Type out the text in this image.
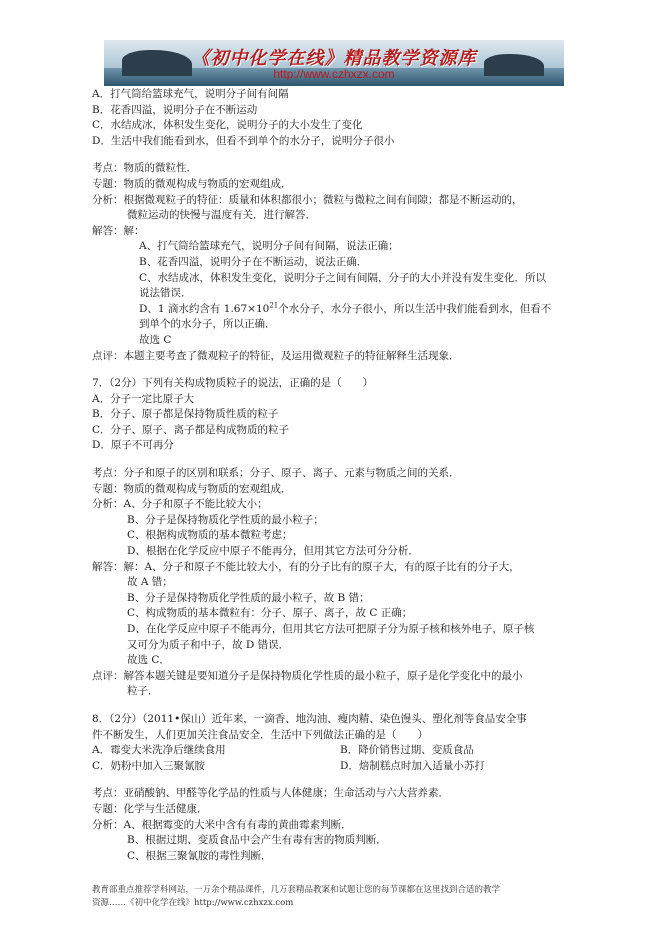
《初中化学在线》精品教学资源库
http://www.czhxzx.com
A．打气筒给篮球充气，说明分子间有间隔
B．花香四溢，说明分子在不断运动
C．水结成冰，体积发生变化，说明分子的大小发生了变化
D．生活中我们能看到水，但看不到单个的水分子，说明分子很小
考点：物质的微粒性．
专题：物质的微观构成与物质的宏观组成．
分析：根据微观粒子的特征：质量和体积都很小；微粒与微粒之间有间隙；都是不断运动的，
微粒运动的快慢与温度有关．进行解答．
解答：解：
A、打气筒给篮球充气，说明分子间有间隔，说法正确；
B、花香四溢，说明分子在不断运动，说法正确．
C、水结成冰，体积发生变化，说明分子之间有间隔，分子的大小并没有发生变化．所以
说法错误．
D、1 滴水约含有 $1.67\times 10^{21}$个水分子，水分子很小，所以生活中我们能看到水，但看不
到单个的水分子，所以正确．
故选 C
点评：本题主要考查了微观粒子的特征，及运用微观粒子的特征解释生活现象．
7．（2分）下列有关构成物质粒子的说法，正确的是（　　）
A．分子一定比原子大
B．分子、原子都是保持物质性质的粒子
C．分子、原子、离子都是构成物质的粒子
D．原子不可再分
考点：分子和原子的区别和联系；分子、原子、离子、元素与物质之间的关系．
专题：物质的微观构成与物质的宏观组成．
分析：A、分子和原子不能比较大小；
B、分子是保持物质化学性质的最小粒子；
C、根据构成物质的基本微粒考虑；
D、根据在化学反应中原子不能再分，但用其它方法可分分析．
解答：解：A、分子和原子不能比较大小，有的分子比有的原子大，有的原子比有的分子大，
故 A 错；
B、分子是保持物质化学性质的最小粒子，故 B 错；
C、构成物质的基本微粒有：分子、原子、离子，故 C 正确；
D、在化学反应中原子不能再分，但用其它方法可把原子分为原子核和核外电子，原子核
又可分为质子和中子，故 D 错误．
故选 C．
点评：解答本题关键是要知道分子是保持物质化学性质的最小粒子，原子是化学变化中的最小
粒子．
8．（2分）（2011•保山）近年来，一滴香、地沟油、瘦肉精、染色馒头、塑化剂等食品安全事
件不断发生，人们更加关注食品安全．生活中下列做法正确的是（　　）
A．霉变大米洗净后继续食用	B．降价销售过期、变质食品
C．奶粉中加入三聚氰胺	D．焙制糕点时加入适量小苏打
考点：亚硝酸钠、甲醛等化学品的性质与人体健康；生命活动与六大营养素．
专题：化学与生活健康．
分析：A、根据霉变的大米中含有有毒的黄曲霉素判断．
B、根据过期、变质食品中会产生有毒有害的物质判断．
C、根据三聚氰胺的毒性判断．
教育部重点推荐学科网站，一万余个精品课件，几万套精品教案和试题让您的每节课都在这里找到合适的教学
资源……《初中化学在线》http://www.czhxzx.com
